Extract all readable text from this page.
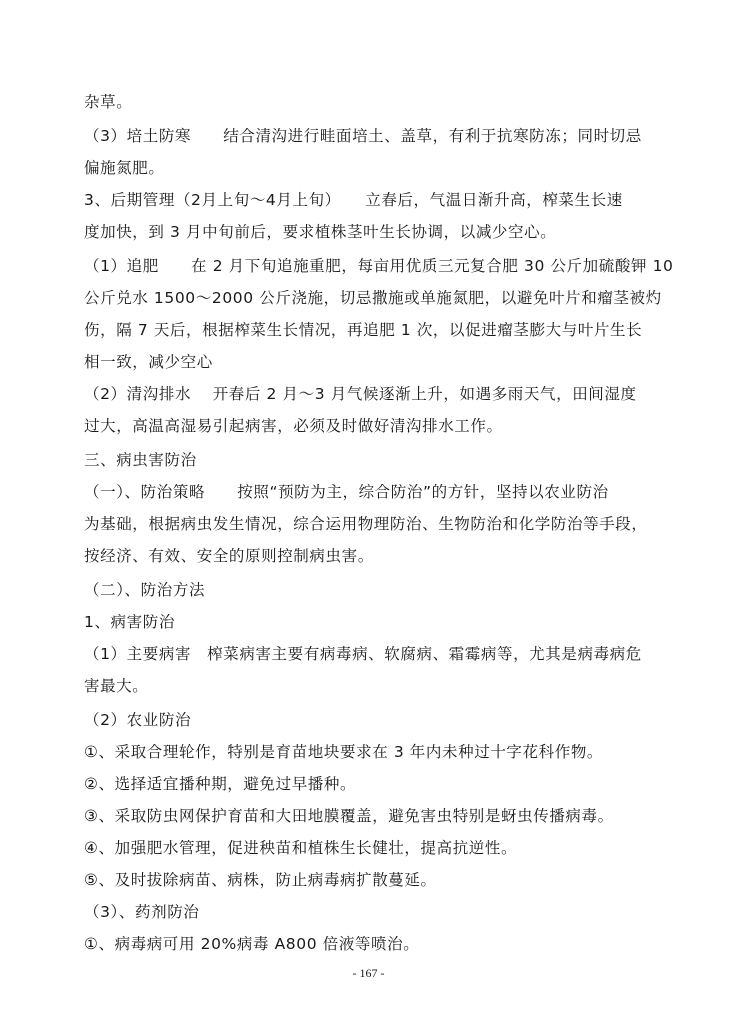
杂草。
（3）培土防寒　　结合清沟进行畦面培土、盖草，有利于抗寒防冻；同时切忌
偏施氮肥。
3、后期管理（2月上旬～4月上旬）　　立春后，气温日渐升高，榨菜生长速
度加快，到 3 月中旬前后，要求植株茎叶生长协调，以减少空心。
（1）追肥　　在 2 月下旬追施重肥，每亩用优质三元复合肥 30 公斤加硫酸钾 10
公斤兑水 1500～2000 公斤浇施，切忌撒施或单施氮肥，以避免叶片和瘤茎被灼
伤，隔 7 天后，根据榨菜生长情况，再追肥 1 次，以促进瘤茎膨大与叶片生长
相一致，减少空心
（2）清沟排水　 开春后 2 月～3 月气候逐渐上升，如遇多雨天气，田间湿度
过大，高温高湿易引起病害，必须及时做好清沟排水工作。
三、病虫害防治
（一）、防治策略　　按照“预防为主，综合防治”的方针，坚持以农业防治
为基础，根据病虫发生情况，综合运用物理防治、生物防治和化学防治等手段，
按经济、有效、安全的原则控制病虫害。
（二）、防治方法
1、病害防治
（1）主要病害　榨菜病害主要有病毒病、软腐病、霜霉病等，尤其是病毒病危
害最大。
（2）农业防治
①、采取合理轮作，特别是育苗地块要求在 3 年内未种过十字花科作物。
②、选择适宜播种期，避免过早播种。
③、采取防虫网保护育苗和大田地膜覆盖，避免害虫特别是蚜虫传播病毒。
④、加强肥水管理，促进秧苗和植株生长健壮，提高抗逆性。
⑤、及时拔除病苗、病株，防止病毒病扩散蔓延。
（3）、药剂防治
①、病毒病可用 20%病毒 A800 倍液等喷治。
- 167 -
